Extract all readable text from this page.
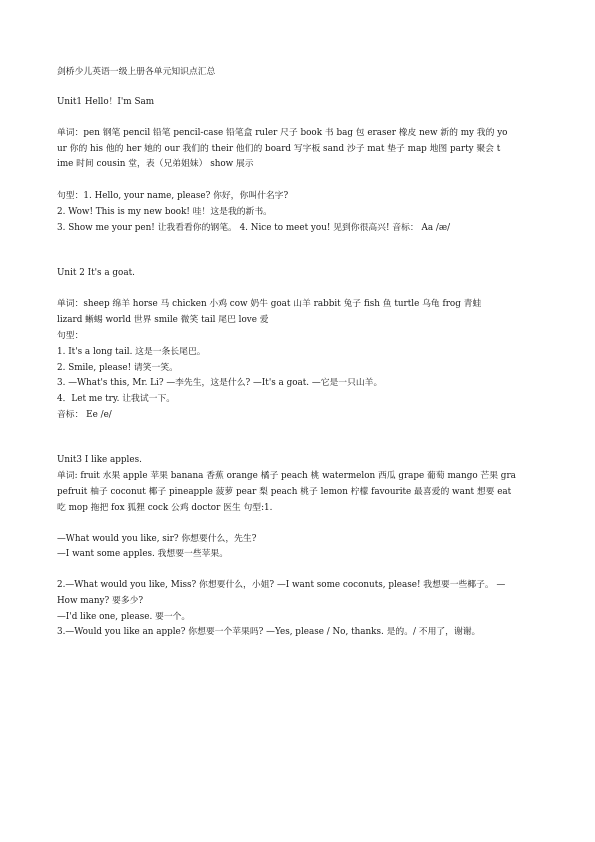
剑桥少儿英语一级上册各单元知识点汇总
Unit1 Hello！I'm Sam
单词：pen 钢笔 pencil 铅笔 pencil-case 铅笔盒 ruler 尺子 book 书 bag 包 eraser 橡皮 new 新的 my 我的 yo
ur 你的 his 他的 her 她的 our 我们的 their 他们的 board 写字板 sand 沙子 mat 垫子 map 地图 party 聚会 t
ime 时间 cousin 堂，表（兄弟姐妹） show 展示
句型：1. Hello, your name, please? 你好，你叫什名字?
2. Wow! This is my new book! 哇！这是我的新书。
3. Show me your pen! 让我看看你的钢笔。 4. Nice to meet you! 见到你很高兴! 音标： Aa /æ/
Unit 2 It's a goat.
单词：sheep 绵羊 horse 马 chicken 小鸡 cow 奶牛 goat 山羊 rabbit 兔子 fish 鱼 turtle 乌龟 frog 青蛙
lizard 蜥蜴 world 世界 smile 微笑 tail 尾巴 love 爱
句型：
1. It's a long tail. 这是一条长尾巴。
2. Smile, please! 请笑一笑。
3. —What's this, Mr. Li? —李先生，这是什么? —It's a goat. —它是一只山羊。
4．Let me try. 让我试一下。
音标： Ee /e/
Unit3 I like apples.
单词: fruit 水果 apple 苹果 banana 香蕉 orange 橘子 peach 桃 watermelon 西瓜 grape 葡萄 mango 芒果 gra
pefruit 柚子 coconut 椰子 pineapple 菠萝 pear 梨 peach 桃子 lemon 柠檬 favourite 最喜爱的 want 想要 eat
吃 mop 拖把 fox 狐狸 cock 公鸡 doctor 医生 句型:1.
—What would you like, sir? 你想要什么，先生?
—I want some apples. 我想要一些苹果。
2.—What would you like, Miss? 你想要什么，小姐? —I want some coconuts, please! 我想要一些椰子。 —
How many? 要多少?
—I'd like one, please. 要一个。
3.—Would you like an apple? 你想要一个苹果吗? —Yes, please / No, thanks. 是的。/ 不用了，谢谢。
